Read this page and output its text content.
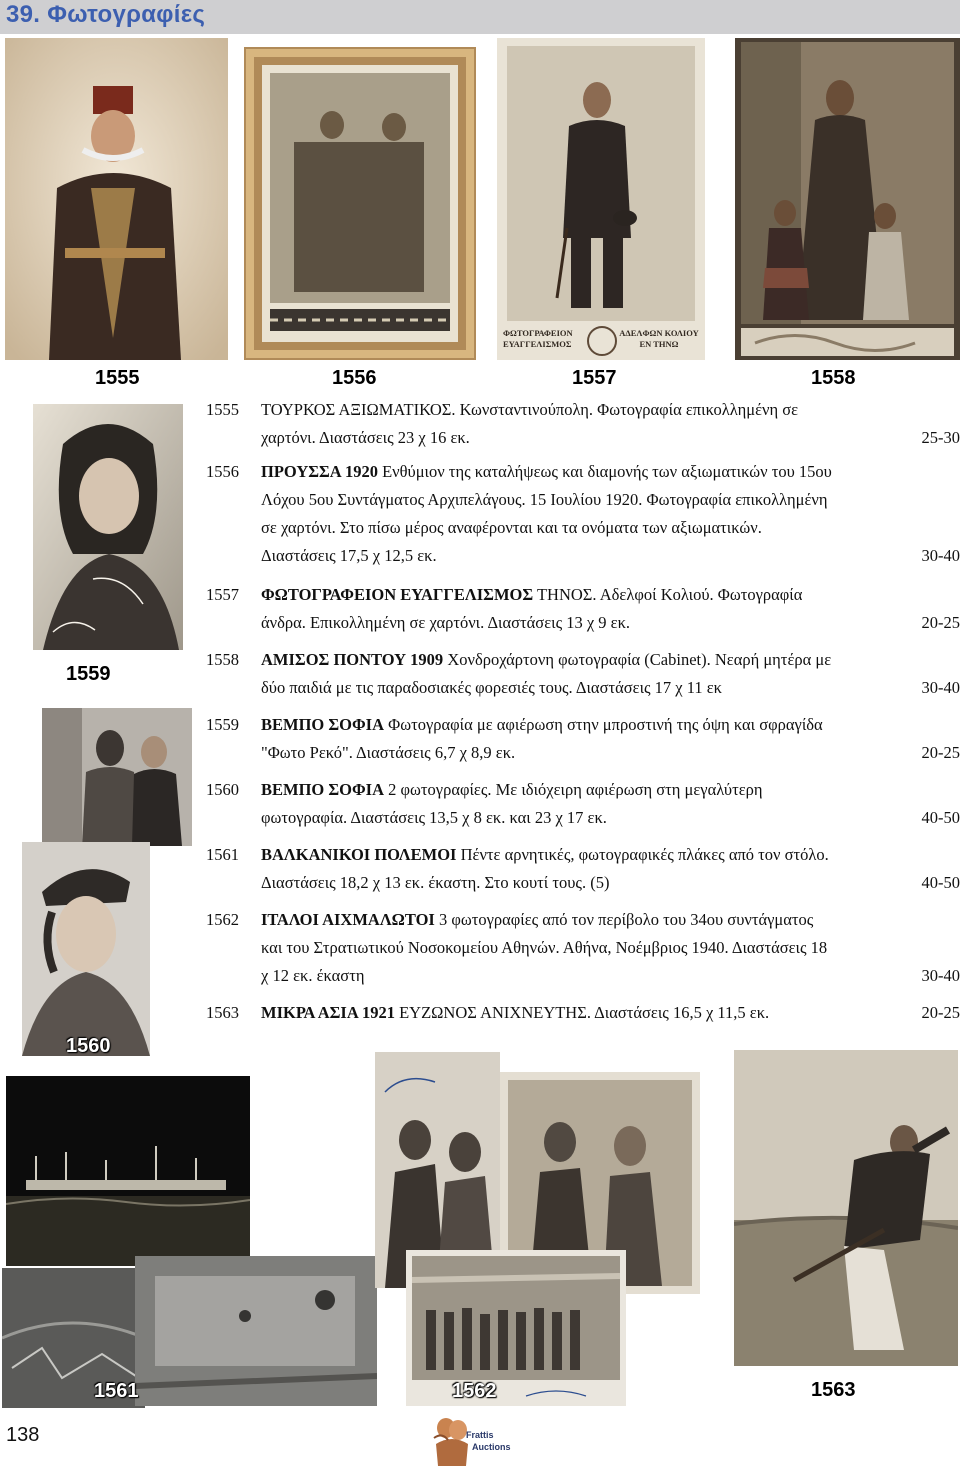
39. Φωτογραφίες
ΦΩΤΟΓΡΑΦΕΙΟΝ
ΕΥΑΓΓΕΛΙΣΜΟΣ
ΑΔΕΛΦΩΝ ΚΟΛΙΟΥ
ΕΝ ΤΗΝΩ
1555	1556	1557	1558
1559
1560
1555 ΤΟΥΡΚΟΣ ΑΞΙΩΜΑΤΙΚΟΣ. Κωνσταντινούπολη. Φωτογραφία επικολλημένη σε
χαρτόνι. Διαστάσεις 23 χ 16 εκ.	25-30
1556 ΠΡΟΥΣΣΑ 1920 Ενθύμιον της καταλήψεως και διαμονής των αξιωματικών του 15ου
Λόχου 5ου Συντάγματος Αρχιπελάγους. 15 Ιουλίου 1920. Φωτογραφία επικολλημένη
σε χαρτόνι. Στο πίσω μέρος αναφέρονται και τα ονόματα των αξιωματικών.
Διαστάσεις 17,5 χ 12,5 εκ.	30-40
1557 ΦΩΤΟΓΡΑΦΕΙΟΝ ΕΥΑΓΓΕΛΙΣΜΟΣ ΤΗΝΟΣ. Αδελφοί Κολιού. Φωτογραφία
άνδρα. Επικολλημένη σε χαρτόνι. Διαστάσεις 13 χ 9 εκ.	20-25
1558 ΑΜΙΣΟΣ ΠΟΝΤΟΥ 1909 Χονδροχάρτονη φωτογραφία (Cabinet). Νεαρή μητέρα με
δύο παιδιά με τις παραδοσιακές φορεσιές τους. Διαστάσεις 17 χ 11 εκ	30-40
1559 ΒΕΜΠΟ ΣΟΦΙΑ Φωτογραφία με αφιέρωση στην μπροστινή της όψη και σφραγίδα
"Φωτο Ρεκό". Διαστάσεις 6,7 χ 8,9 εκ.	20-25
1560 ΒΕΜΠΟ ΣΟΦΙΑ 2 φωτογραφίες. Με ιδιόχειρη αφιέρωση στη μεγαλύτερη
φωτογραφία. Διαστάσεις 13,5 χ 8 εκ. και 23 χ 17 εκ.	40-50
1561 ΒΑΛΚΑΝΙΚΟΙ ΠΟΛΕΜΟΙ Πέντε αρνητικές, φωτογραφικές πλάκες από τον στόλο.
Διαστάσεις 18,2 χ 13 εκ. έκαστη. Στο κουτί τους. (5)	40-50
1562 ΙΤΑΛΟΙ ΑΙΧΜΑΛΩΤΟΙ 3 φωτογραφίες από τον περίβολο του 34ου συντάγματος
και του Στρατιωτικού Νοσοκομείου Αθηνών. Αθήνα, Νοέμβριος 1940. Διαστάσεις 18
χ 12 εκ. έκαστη	30-40
1563 ΜΙΚΡΑ ΑΣΙΑ 1921 ΕΥΖΩΝΟΣ ΑΝΙΧΝΕΥΤΗΣ. Διαστάσεις 16,5 χ 11,5 εκ.	20-25
1561	1562	1563
138	Frattis
Auctions
